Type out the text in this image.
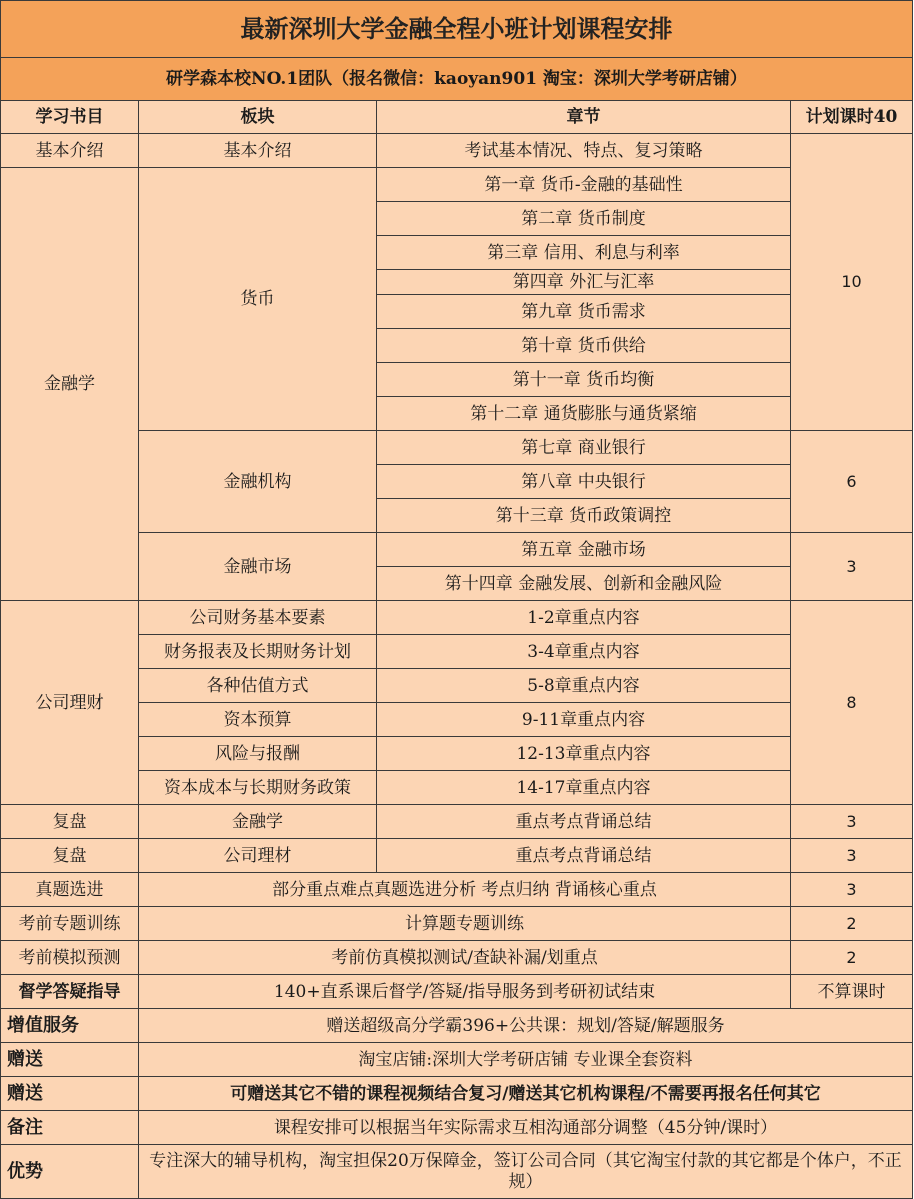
最新深圳大学金融全程小班计划课程安排			
研学森本校NO.1团队（报名微信：kaoyan901 淘宝：深圳大学考研店铺）			
学习书目	板块	章节	计划课时40
基本介绍	基本介绍	考试基本情况、特点、复习策略	10
金融学	货币	第一章 货币-金融的基础性	
		第二章 货币制度	
		第三章 信用、利息与利率	
		第四章 外汇与汇率	
		第九章 货币需求	
		第十章 货币供给	
		第十一章 货币均衡	
		第十二章 通货膨胀与通货紧缩	
	金融机构	第七章 商业银行	6
		第八章 中央银行	
		第十三章 货币政策调控	
	金融市场	第五章 金融市场	3
		第十四章 金融发展、创新和金融风险	
公司理财	公司财务基本要素	1-2章重点内容	8
	财务报表及长期财务计划	3-4章重点内容	
	各种估值方式	5-8章重点内容	
	资本预算	9-11章重点内容	
	风险与报酬	12-13章重点内容	
	资本成本与长期财务政策	14-17章重点内容	
复盘	金融学	重点考点背诵总结	3
复盘	公司理材	重点考点背诵总结	3
真题选进	部分重点难点真题选进分析 考点归纳 背诵核心重点		3
考前专题训练	计算题专题训练		2
考前模拟预测	考前仿真模拟测试/查缺补漏/划重点		2
督学答疑指导	140+直系课后督学/答疑/指导服务到考研初试结束		不算课时
增值服务	赠送超级高分学霸396+公共课：规划/答疑/解题服务		
赠送	淘宝店铺:深圳大学考研店铺 专业课全套资料		
赠送	可赠送其它不错的课程视频结合复习/赠送其它机构课程/不需要再报名任何其它		
备注	课程安排可以根据当年实际需求互相沟通部分调整（45分钟/课时）		
优势	专注深大的辅导机构，淘宝担保20万保障金，签订公司合同（其它淘宝付款的其它都是个体户，不正规）		
